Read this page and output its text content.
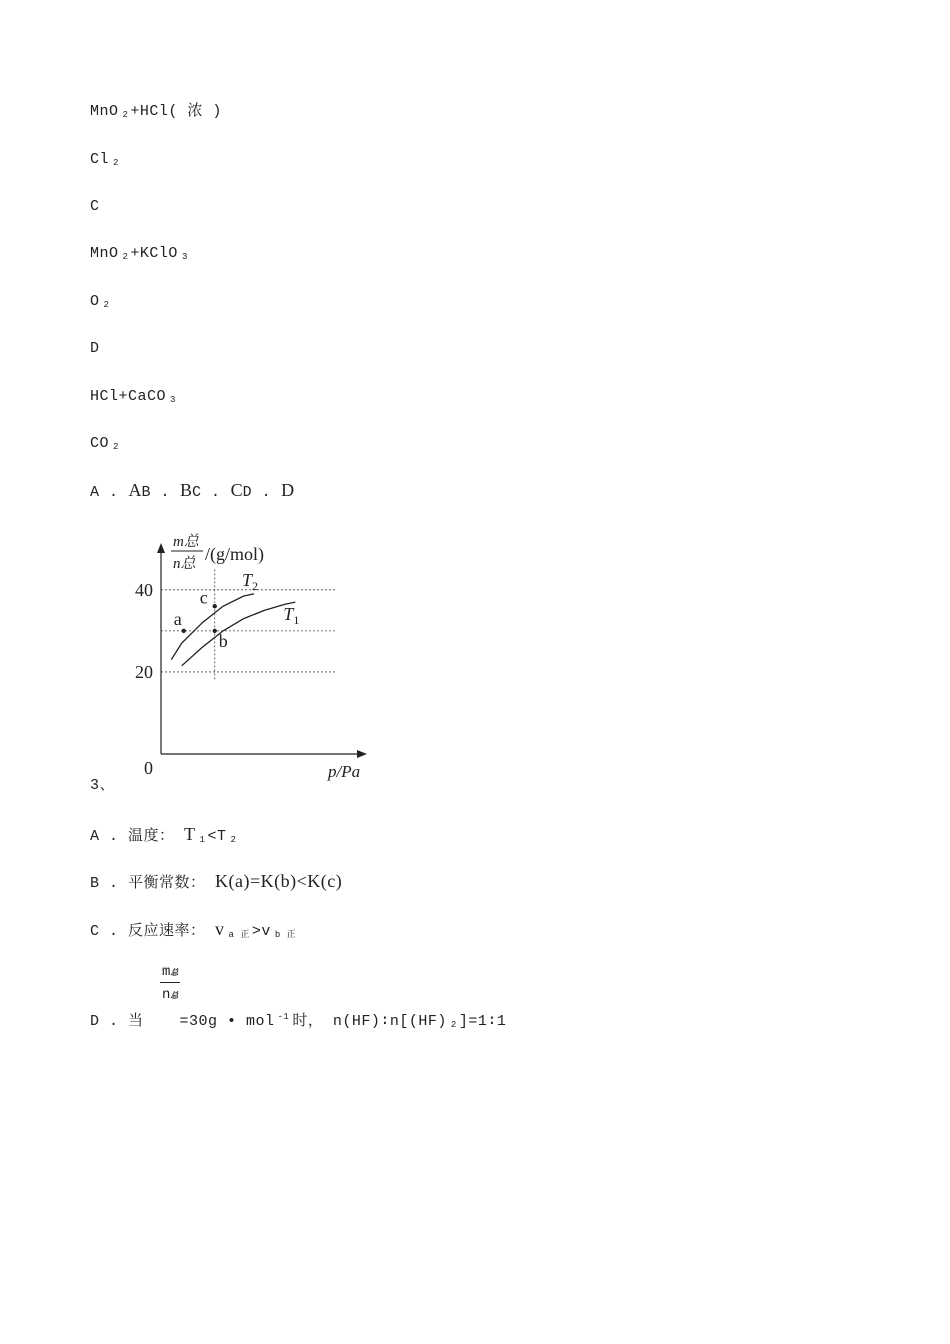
MnO $_2$ +HCl( 浓 )
Cl $_2$
C
MnO $_2$ +KClO $_3$
O $_2$
D
HCl+CaCO $_3$
CO $_2$
A . AB . BC . CD . D
20
40
0	p/Pa
m总
n总 /(g/mol)
$T_2$
$T_1$
a
c
b
3、
A . 温度： T $_1$ <T $_2$
B . 平衡常数： K(a)=K(b)<K(c)
C . 反应速率： v $_{a 正}$ >v $_{b 正}$
m总
n总
D . 当 =30g • mol $^{-1}$ 时， n(HF)∶n[(HF) $_2$ ]=1∶1
